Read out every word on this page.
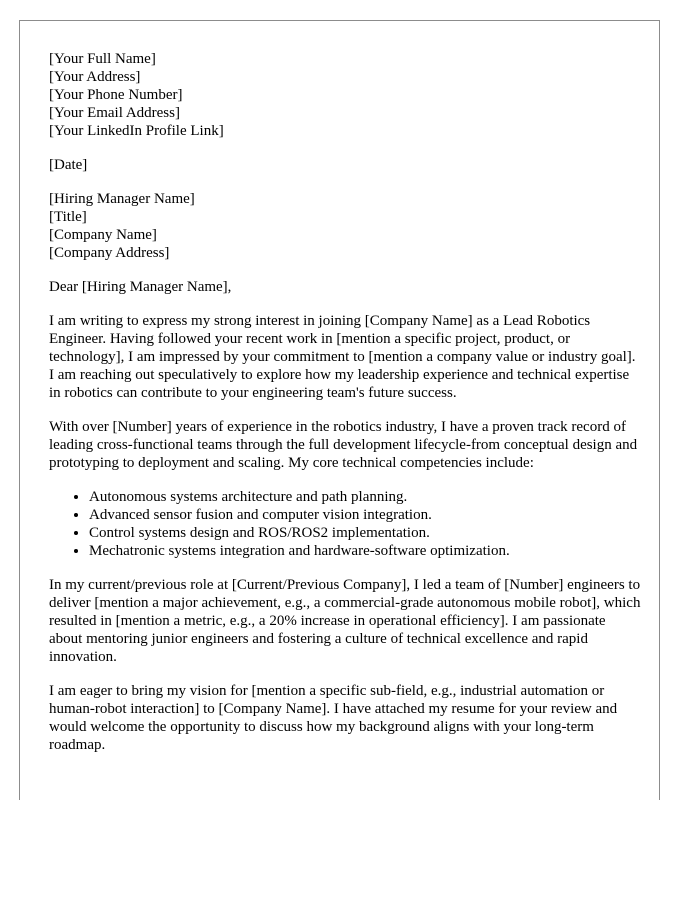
[Your Full Name]
[Your Address]
[Your Phone Number]
[Your Email Address]
[Your LinkedIn Profile Link]
[Date]
[Hiring Manager Name]
[Title]
[Company Name]
[Company Address]

Dear [Hiring Manager Name],

I am writing to express my strong interest in joining [Company Name] as a Lead Robotics Engineer. Having followed your recent work in [mention a specific project, product, or technology], I am impressed by your commitment to [mention a company value or industry goal]. I am reaching out speculatively to explore how my leadership experience and technical expertise in robotics can contribute to your engineering team's future success.

With over [Number] years of experience in the robotics industry, I have a proven track record of leading cross-functional teams through the full development lifecycle-from conceptual design and prototyping to deployment and scaling. My core technical competencies include:

• Autonomous systems architecture and path planning.
• Advanced sensor fusion and computer vision integration.
• Control systems design and ROS/ROS2 implementation.
• Mechatronic systems integration and hardware-software optimization.

In my current/previous role at [Current/Previous Company], I led a team of [Number] engineers to deliver [mention a major achievement, e.g., a commercial-grade autonomous mobile robot], which resulted in [mention a metric, e.g., a 20% increase in operational efficiency]. I am passionate about mentoring junior engineers and fostering a culture of technical excellence and rapid innovation.

I am eager to bring my vision for [mention a specific sub-field, e.g., industrial automation or human-robot interaction] to [Company Name]. I have attached my resume for your review and would welcome the opportunity to discuss how my background aligns with your long-term roadmap.
